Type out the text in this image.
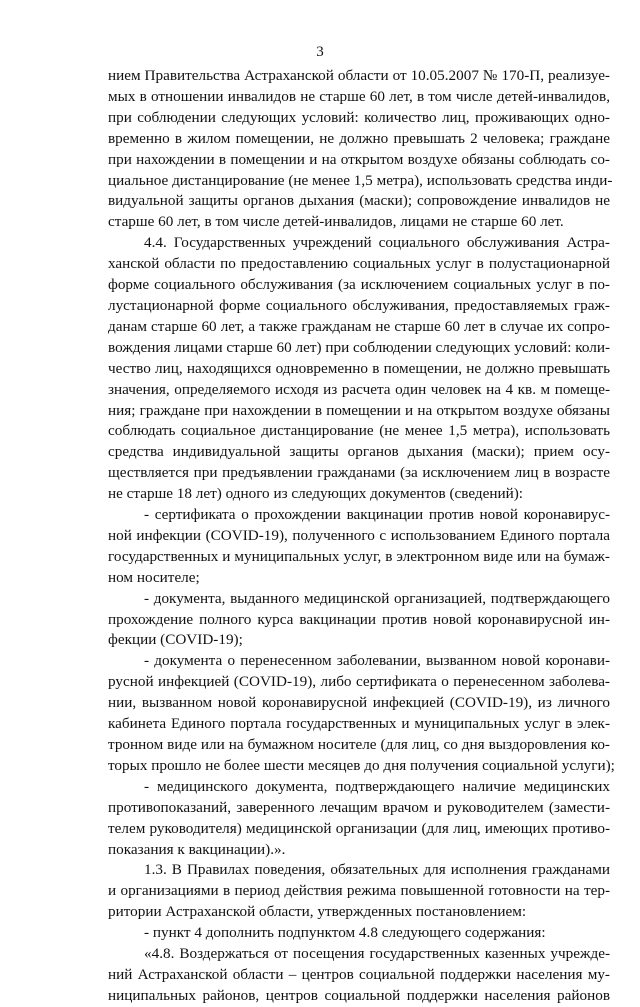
3
нием Правительства Астраханской области от 10.05.2007 № 170-П, реализуе-
мых в отношении инвалидов не старше 60 лет, в том числе детей-инвалидов,
при соблюдении следующих условий: количество лиц, проживающих одно-
временно в жилом помещении, не должно превышать 2 человека; граждане
при нахождении в помещении и на открытом воздухе обязаны соблюдать со-
циальное дистанцирование (не менее 1,5 метра), использовать средства инди-
видуальной защиты органов дыхания (маски); сопровождение инвалидов не
старше 60 лет, в том числе детей-инвалидов, лицами не старше 60 лет.
4.4. Государственных учреждений социального обслуживания Астра-
ханской области по предоставлению социальных услуг в полустационарной
форме социального обслуживания (за исключением социальных услуг в по-
лустационарной форме социального обслуживания, предоставляемых граж-
данам старше 60 лет, а также гражданам не старше 60 лет в случае их сопро-
вождения лицами старше 60 лет) при соблюдении следующих условий: коли-
чество лиц, находящихся одновременно в помещении, не должно превышать
значения, определяемого исходя из расчета один человек на 4 кв. м помеще-
ния; граждане при нахождении в помещении и на открытом воздухе обязаны
соблюдать социальное дистанцирование (не менее 1,5 метра), использовать
средства индивидуальной защиты органов дыхания (маски); прием осу-
ществляется при предъявлении гражданами (за исключением лиц в возрасте
не старше 18 лет) одного из следующих документов (сведений):
- сертификата о прохождении вакцинации против новой коронавирус-
ной инфекции (COVID-19), полученного с использованием Единого портала
государственных и муниципальных услуг, в электронном виде или на бумаж-
ном носителе;
- документа, выданного медицинской организацией, подтверждающего
прохождение полного курса вакцинации против новой коронавирусной ин-
фекции (COVID-19);
- документа о перенесенном заболевании, вызванном новой коронави-
русной инфекцией (COVID-19), либо сертификата о перенесенном заболева-
нии, вызванном новой коронавирусной инфекцией (COVID-19), из личного
кабинета Единого портала государственных и муниципальных услуг в элек-
тронном виде или на бумажном носителе (для лиц, со дня выздоровления ко-
торых прошло не более шести месяцев до дня получения социальной услуги);
- медицинского документа, подтверждающего наличие медицинских
противопоказаний, заверенного лечащим врачом и руководителем (замести-
телем руководителя) медицинской организации (для лиц, имеющих противо-
показания к вакцинации).».
1.3. В Правилах поведения, обязательных для исполнения гражданами
и организациями в период действия режима повышенной готовности на тер-
ритории Астраханской области, утвержденных постановлением:
- пункт 4 дополнить подпунктом 4.8 следующего содержания:
«4.8. Воздержаться от посещения государственных казенных учрежде-
ний Астраханской области – центров социальной поддержки населения му-
ниципальных районов, центров социальной поддержки населения районов
